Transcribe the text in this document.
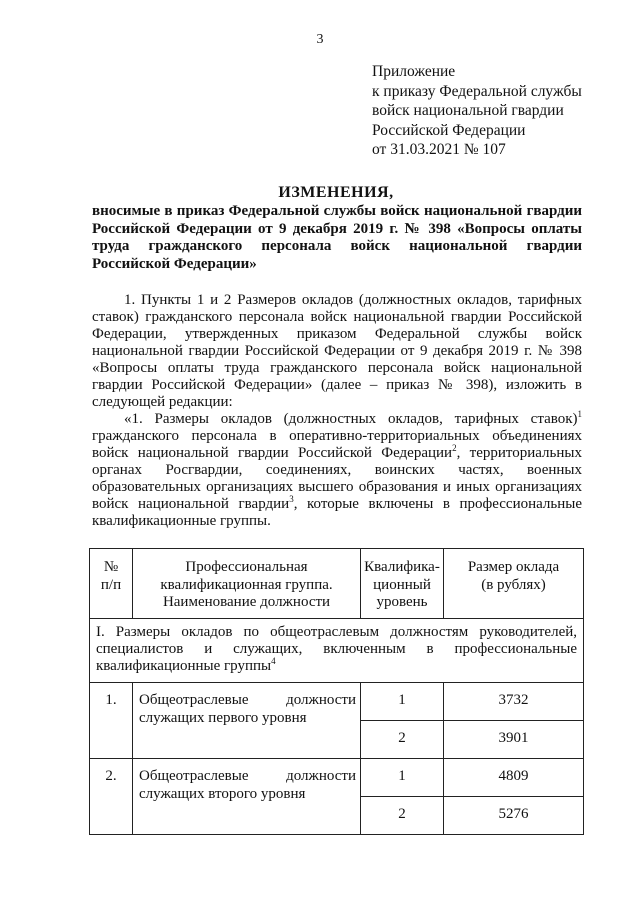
3
Приложение
к приказу Федеральной службы
войск национальной гвардии
Российской Федерации
от 31.03.2021 № 107
ИЗМЕНЕНИЯ,
вносимые в приказ Федеральной службы войск национальной гвардии Российской Федерации от 9 декабря 2019 г. № 398 «Вопросы оплаты труда гражданского персонала войск национальной гвардии Российской Федерации»
1. Пункты 1 и 2 Размеров окладов (должностных окладов, тарифных ставок) гражданского персонала войск национальной гвардии Российской Федерации, утвержденных приказом Федеральной службы войск национальной гвардии Российской Федерации от 9 декабря 2019 г. № 398 «Вопросы оплаты труда гражданского персонала войск национальной гвардии Российской Федерации» (далее – приказ № 398), изложить в следующей редакции:
«1. Размеры окладов (должностных окладов, тарифных ставок)$^1$ гражданского персонала в оперативно-территориальных объединениях войск национальной гвардии Российской Федерации$^2$, территориальных органах Росгвардии, соединениях, воинских частях, военных образовательных организациях высшего образования и иных организациях войск национальной гвардии$^3$, которые включены в профессиональные квалификационные группы.
№ п/п	Профессиональная квалификационная группа. Наименование должности	Квалифика-ционный уровень	Размер оклада (в рублях)
I. Размеры окладов по общеотраслевым должностям руководителей, специалистов и служащих, включенным в профессиональные квалификационные группы$^4$
1.	Общеотраслевые должности служащих первого уровня	1	3732
		2	3901
2.	Общеотраслевые должности служащих второго уровня	1	4809
		2	5276
